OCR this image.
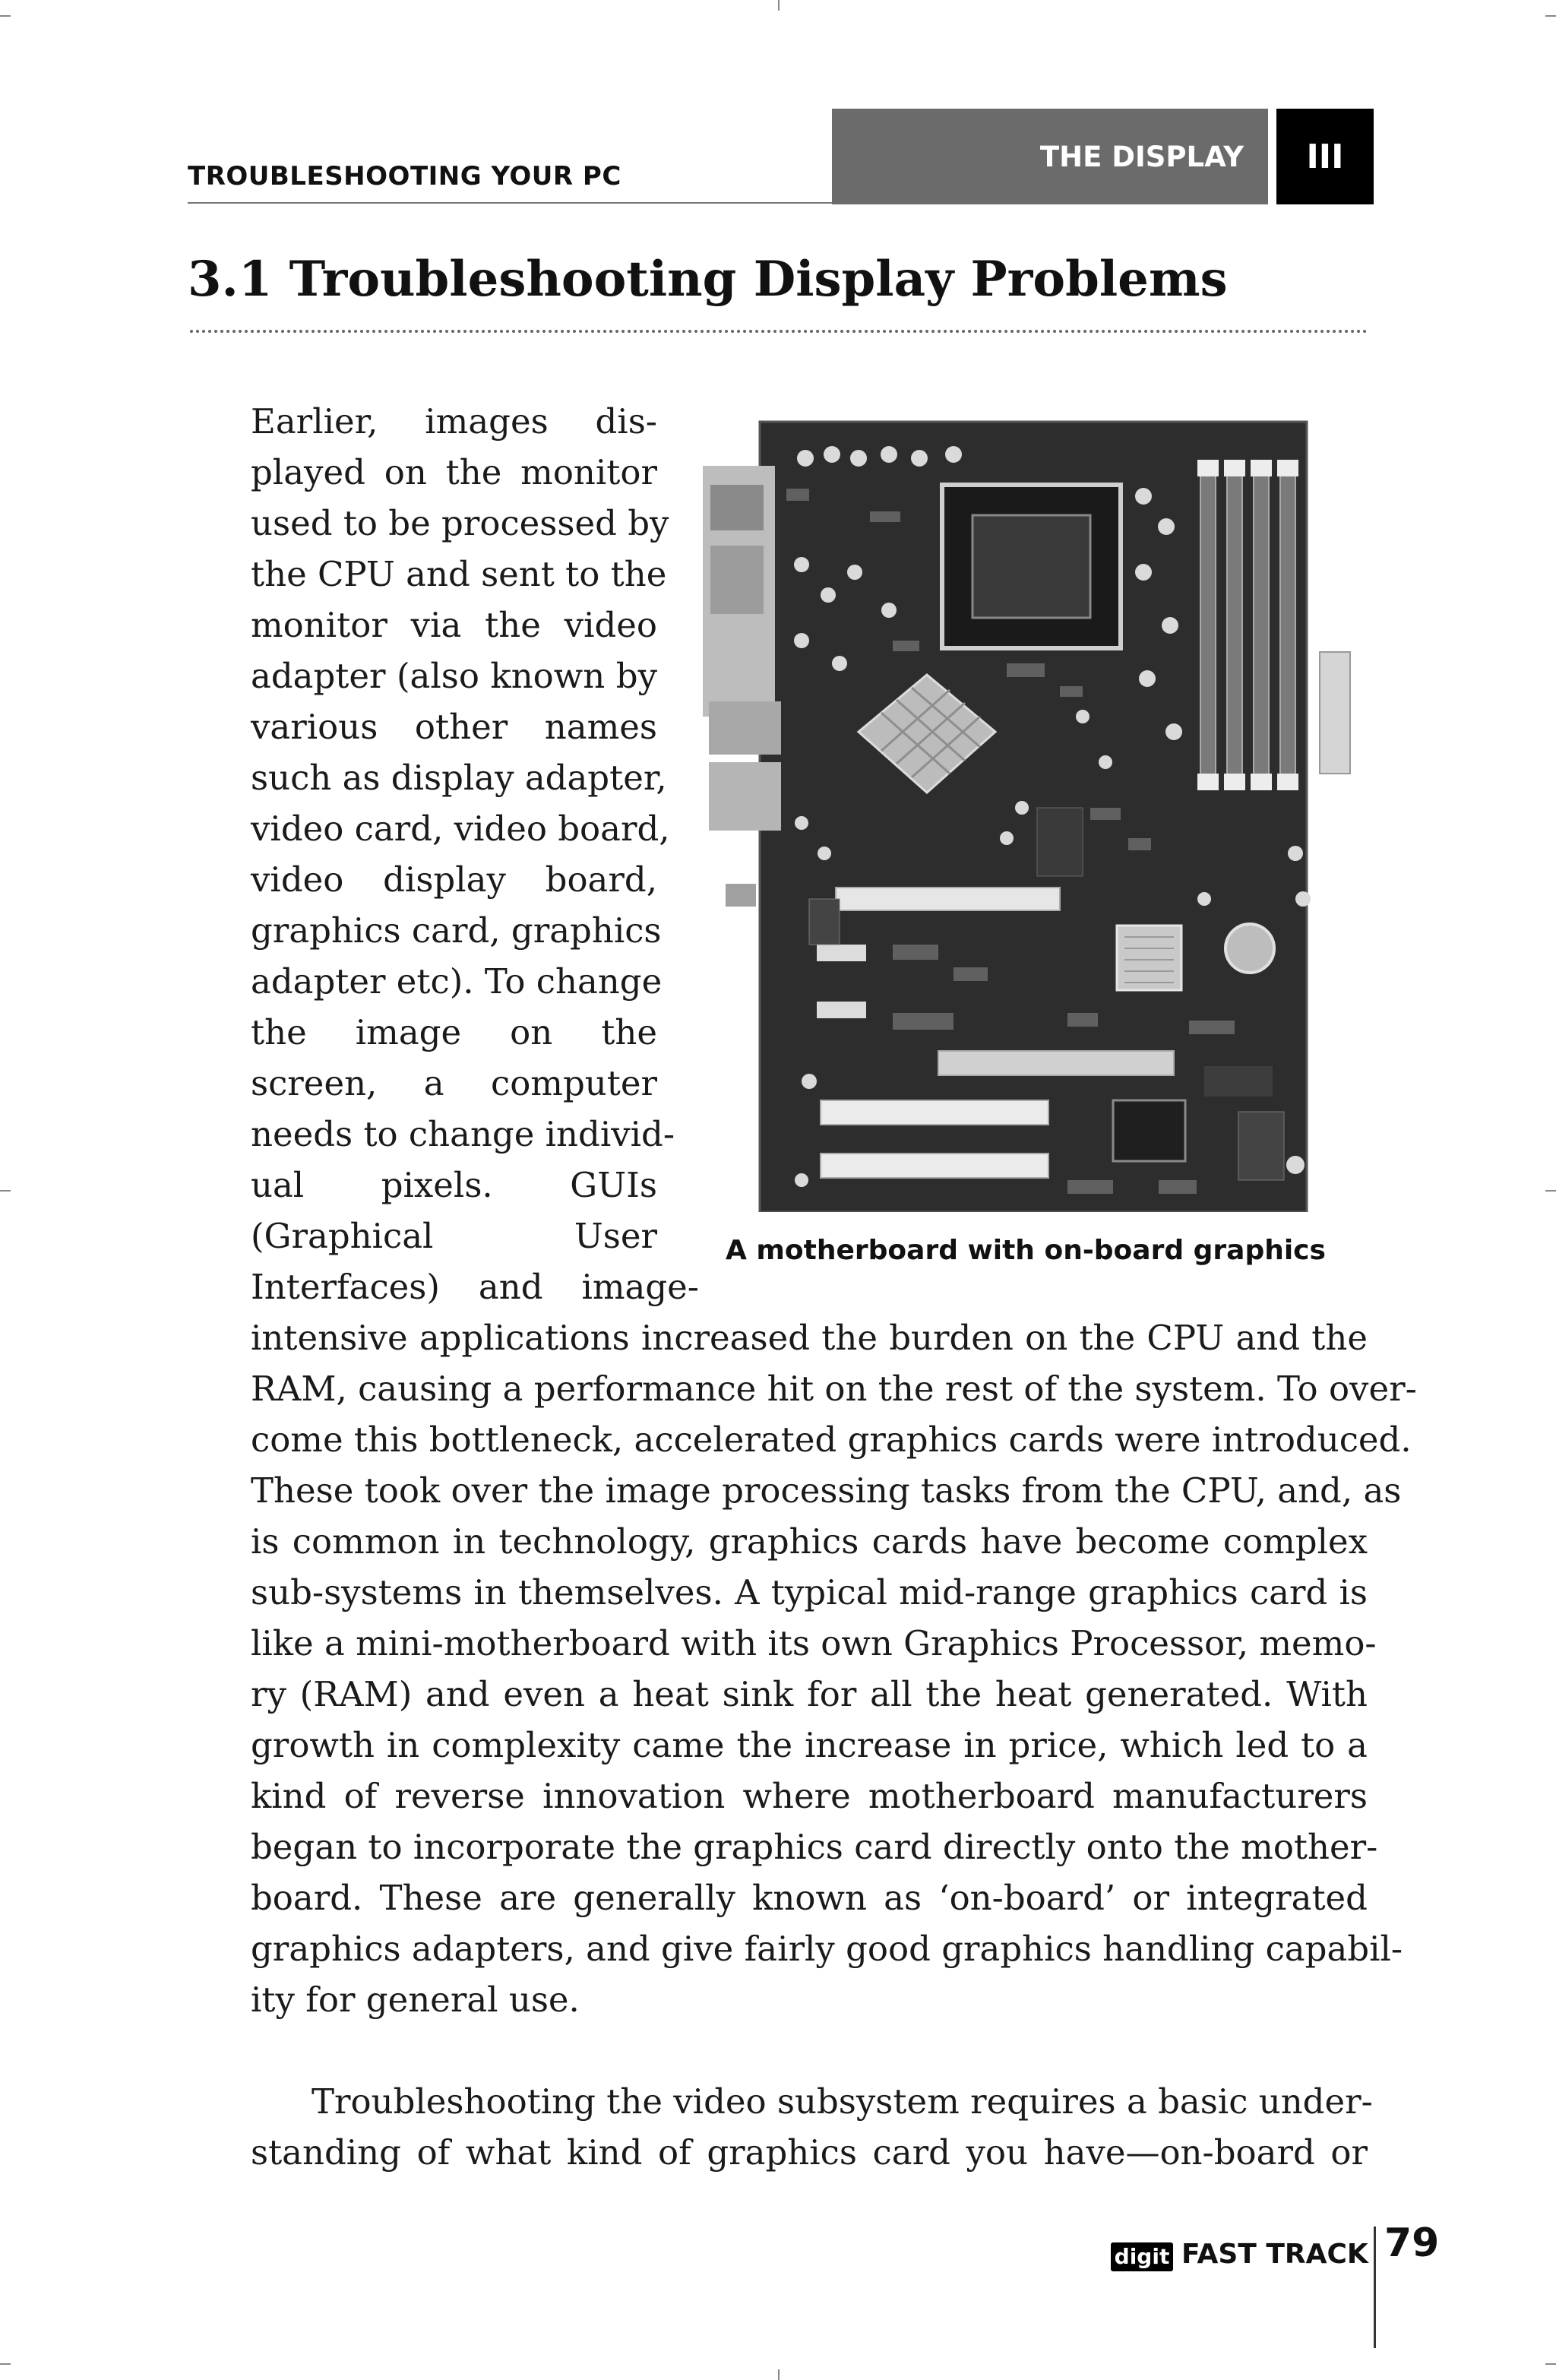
TROUBLESHOOTING YOUR PC
THE DISPLAY III
3.1 Troubleshooting Display Problems
A motherboard with on-board graphics
Earlier, images dis-
played on the monitor
used to be processed by
the CPU and sent to the
monitor via the video
adapter (also known by
various other names
such as display adapter,
video card, video board,
video display board,
graphics card, graphics
adapter etc). To change
the image on the
screen, a computer
needs to change individ-
ual pixels. GUIs
(Graphical User
Interfaces) and image-
intensive applications increased the burden on the CPU and the
RAM, causing a performance hit on the rest of the system. To over-
come this bottleneck, accelerated graphics cards were introduced.
These took over the image processing tasks from the CPU, and, as
is common in technology, graphics cards have become complex
sub-systems in themselves. A typical mid-range graphics card is
like a mini-motherboard with its own Graphics Processor, memo-
ry (RAM) and even a heat sink for all the heat generated. With
growth in complexity came the increase in price, which led to a
kind of reverse innovation where motherboard manufacturers
began to incorporate the graphics card directly onto the mother-
board. These are generally known as ‘on-board’ or integrated
graphics adapters, and give fairly good graphics handling capabil-
ity for general use.
Troubleshooting the video subsystem requires a basic under-
standing of what kind of graphics card you have—on-board or
digit FAST TRACK 79
